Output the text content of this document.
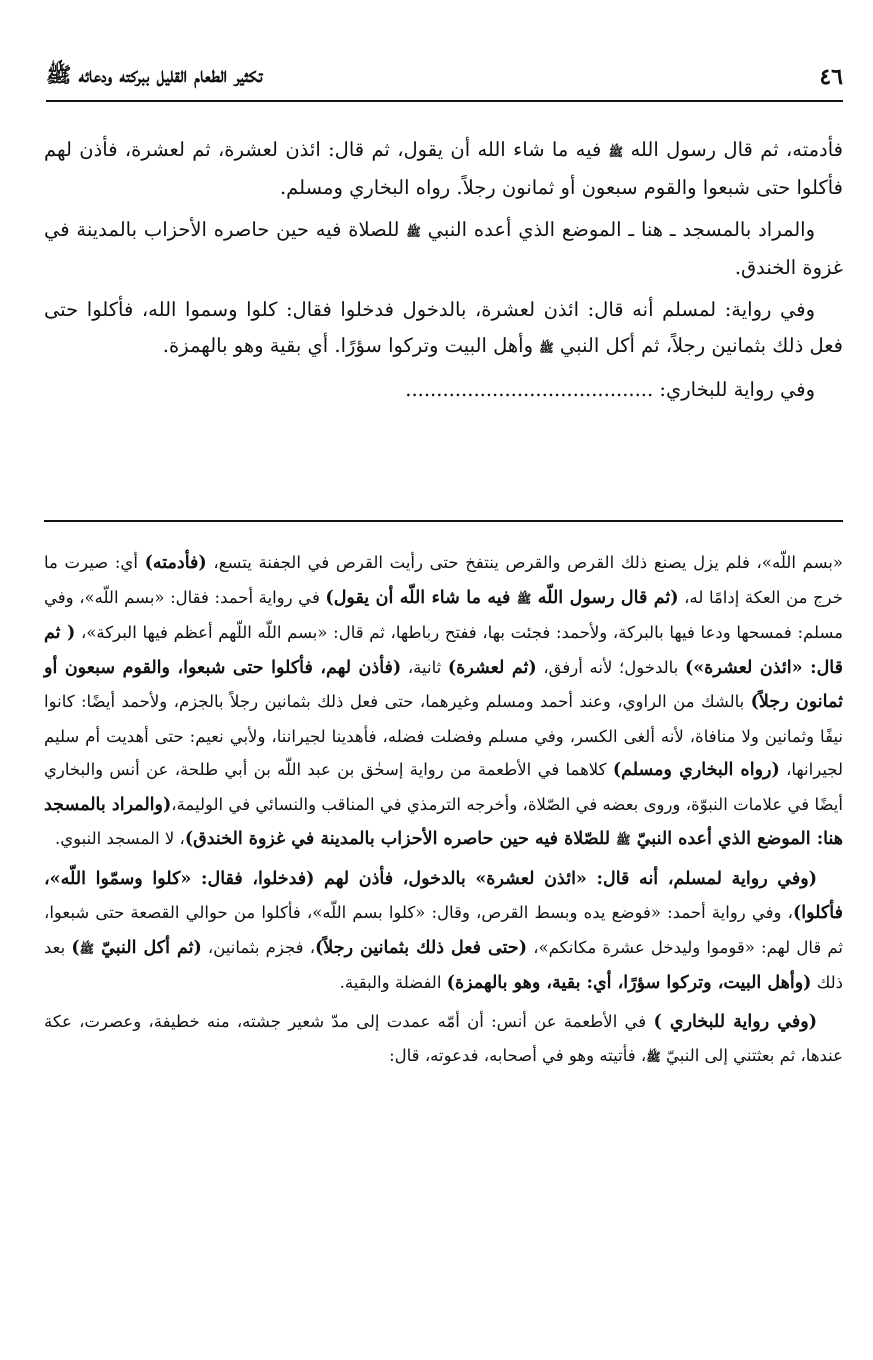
٤٦
تكثير الطعام القليل ببركته ودعائه ﷺ

فأدمته، ثم قال رسول الله ﷺ فيه ما شاء الله أن يقول، ثم قال: ائذن لعشرة، ثم لعشرة، فأذن لهم فأكلوا حتى شبعوا والقوم سبعون أو ثمانون رجلاً. رواه البخاري ومسلم.

والمراد بالمسجد ـ هنا ـ الموضع الذي أعده النبي ﷺ للصلاة فيه حين حاصره الأحزاب بالمدينة في غزوة الخندق.

وفي رواية: لمسلم أنه قال: ائذن لعشرة، بالدخول فدخلوا فقال: كلوا وسموا الله، فأكلوا حتى فعل ذلك بثمانين رجلاً، ثم أكل النبي ﷺ وأهل البيت وتركوا سؤرًا. أي بقية وهو بالهمزة.

وفي رواية للبخاري: ........................................

«بسم اللّه»، فلم يزل يصنع ذلك القرص والقرص ينتفخ حتى رأيت القرص في الجفنة يتسع، (فأدمته) أي: صيرت ما خرج من العكة إدامًا له، (ثم قال رسول اللّه ﷺ فيه ما شاء اللّه أن يقول) في رواية أحمد: فقال: «بسم اللّه»، وفي مسلم: فمسحها ودعا فيها بالبركة، ولأحمد: فجئت بها، ففتح رباطها، ثم قال: «بسم اللّه اللّهم أعظم فيها البركة»، ( ثم قال: «ائذن لعشرة») بالدخول؛ لأنه أرفق، (ثم لعشرة) ثانية، (فأذن لهم، فأكلوا حتى شبعوا، والقوم سبعون أو ثمانون رجلاً) بالشك من الراوي، وعند أحمد ومسلم وغيرهما، حتى فعل ذلك بثمانين رجلاً بالجزم، ولأحمد أيضًا: كانوا نيفًا وثمانين ولا منافاة، لأنه ألغى الكسر، وفي مسلم وفضلت فضله، فأهدينا لجيراننا، ولأبي نعيم: حتى أهديت أم سليم لجيرانها، (رواه البخاري ومسلم) كلاهما في الأطعمة من رواية إسحٰق بن عبد اللّه بن أبي طلحة، عن أنس والبخاري أيضًا في علامات النبوّة، وروى بعضه في الصّلاة، وأخرجه الترمذي في المناقب والنسائي في الوليمة،(والمراد بالمسجد هنا: الموضع الذي أعده النبيّ ﷺ للصّلاة فيه حين حاصره الأحزاب بالمدينة في غزوة الخندق)، لا المسجد النبوي.

(وفي رواية لمسلم، أنه قال: «ائذن لعشرة» بالدخول، فأذن لهم (فدخلوا، فقال: «كلوا وسمّوا اللّه»، فأكلوا)، وفي رواية أحمد: «فوضع يده وبسط القرص، وقال: «كلوا بسم اللّه»، فأكلوا من حوالي القصعة حتى شبعوا، ثم قال لهم: «قوموا وليدخل عشرة مكانكم»، (حتى فعل ذلك بثمانين رجلاً)، فجزم بثمانين، (ثم أكل النبيّ ﷺ) بعد ذلك (وأهل البيت، وتركوا سؤرًا، أي: بقية، وهو بالهمزة) الفضلة والبقية.

(وفي رواية للبخاري ) في الأطعمة عن أنس: أن أمّه عمدت إلى مدّ شعير جشته، منه خطيفة، وعصرت، عكة عندها، ثم بعثتني إلى النبيّ ﷺ، فأتيته وهو في أصحابه، فدعوته، قال:
